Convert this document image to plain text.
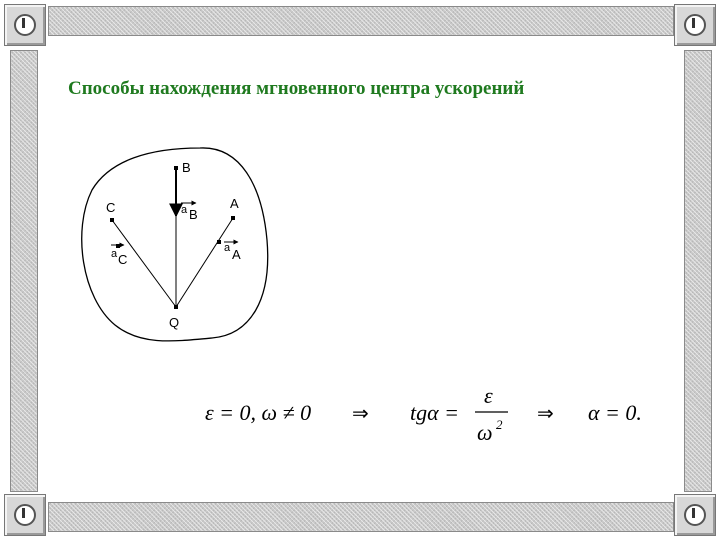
Способы нахождения мгновенного центра ускорений
B
C	A
Q
a B
a C
a A
ε = 0, ω ≠ 0 ⇒ tgα =
ε
ω 2 ⇒ α = 0.
